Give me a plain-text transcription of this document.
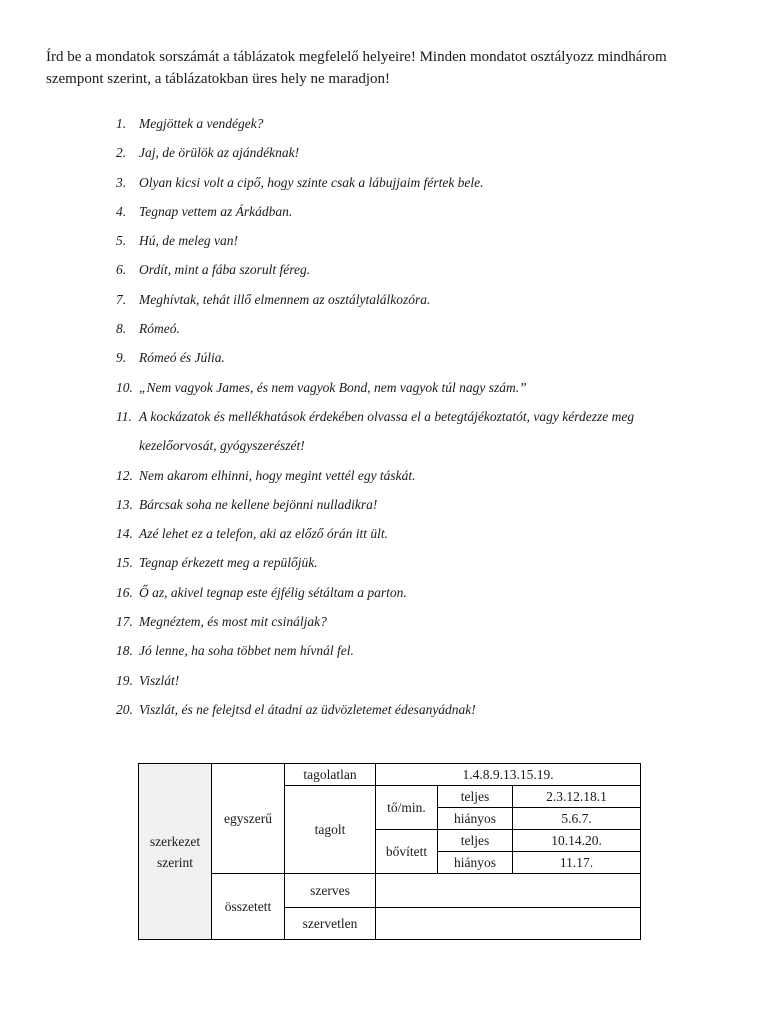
Írd be a mondatok sorszámát a táblázatok megfelelő helyeire! Minden mondatot osztályozz mindhárom szempont szerint, a táblázatokban üres hely ne maradjon!
1. Megjöttek a vendégek?
2. Jaj, de örülök az ajándéknak!
3. Olyan kicsi volt a cipő, hogy szinte csak a lábujjaim fértek bele.
4. Tegnap vettem az Árkádban.
5. Hú, de meleg van!
6. Ordít, mint a fába szorult féreg.
7. Meghívtak, tehát illő elmennem az osztálytalálkozóra.
8. Rómeó.
9. Rómeó és Júlia.
10. „Nem vagyok James, és nem vagyok Bond, nem vagyok túl nagy szám.”
11. A kockázatok és mellékhatások érdekében olvassa el a betegtájékoztatót, vagy kérdezze meg
kezelőorvosát, gyógyszerészét!
12. Nem akarom elhinni, hogy megint vettél egy táskát.
13. Bárcsak soha ne kellene bejönni nulladikra!
14. Azé lehet ez a telefon, aki az előző órán itt ült.
15. Tegnap érkezett meg a repülőjük.
16. Ő az, akivel tegnap este éjfélig sétáltam a parton.
17. Megnéztem, és most mit csináljak?
18. Jó lenne, ha soha többet nem hívnál fel.
19. Viszlát!
20. Viszlát, és ne felejtsd el átadni az üdvözletemet édesanyádnak!
szerkezet
szerint	egyszerű	tagolatlan	1.4.8.9.13.15.19.		
		tagolt	tő/min.	teljes	2.3.12.18.1
				hiányos	5.6.7.
			bővített	teljes	10.14.20.
				hiányos	11.17.
	összetett	szerves			
		szervetlen			
